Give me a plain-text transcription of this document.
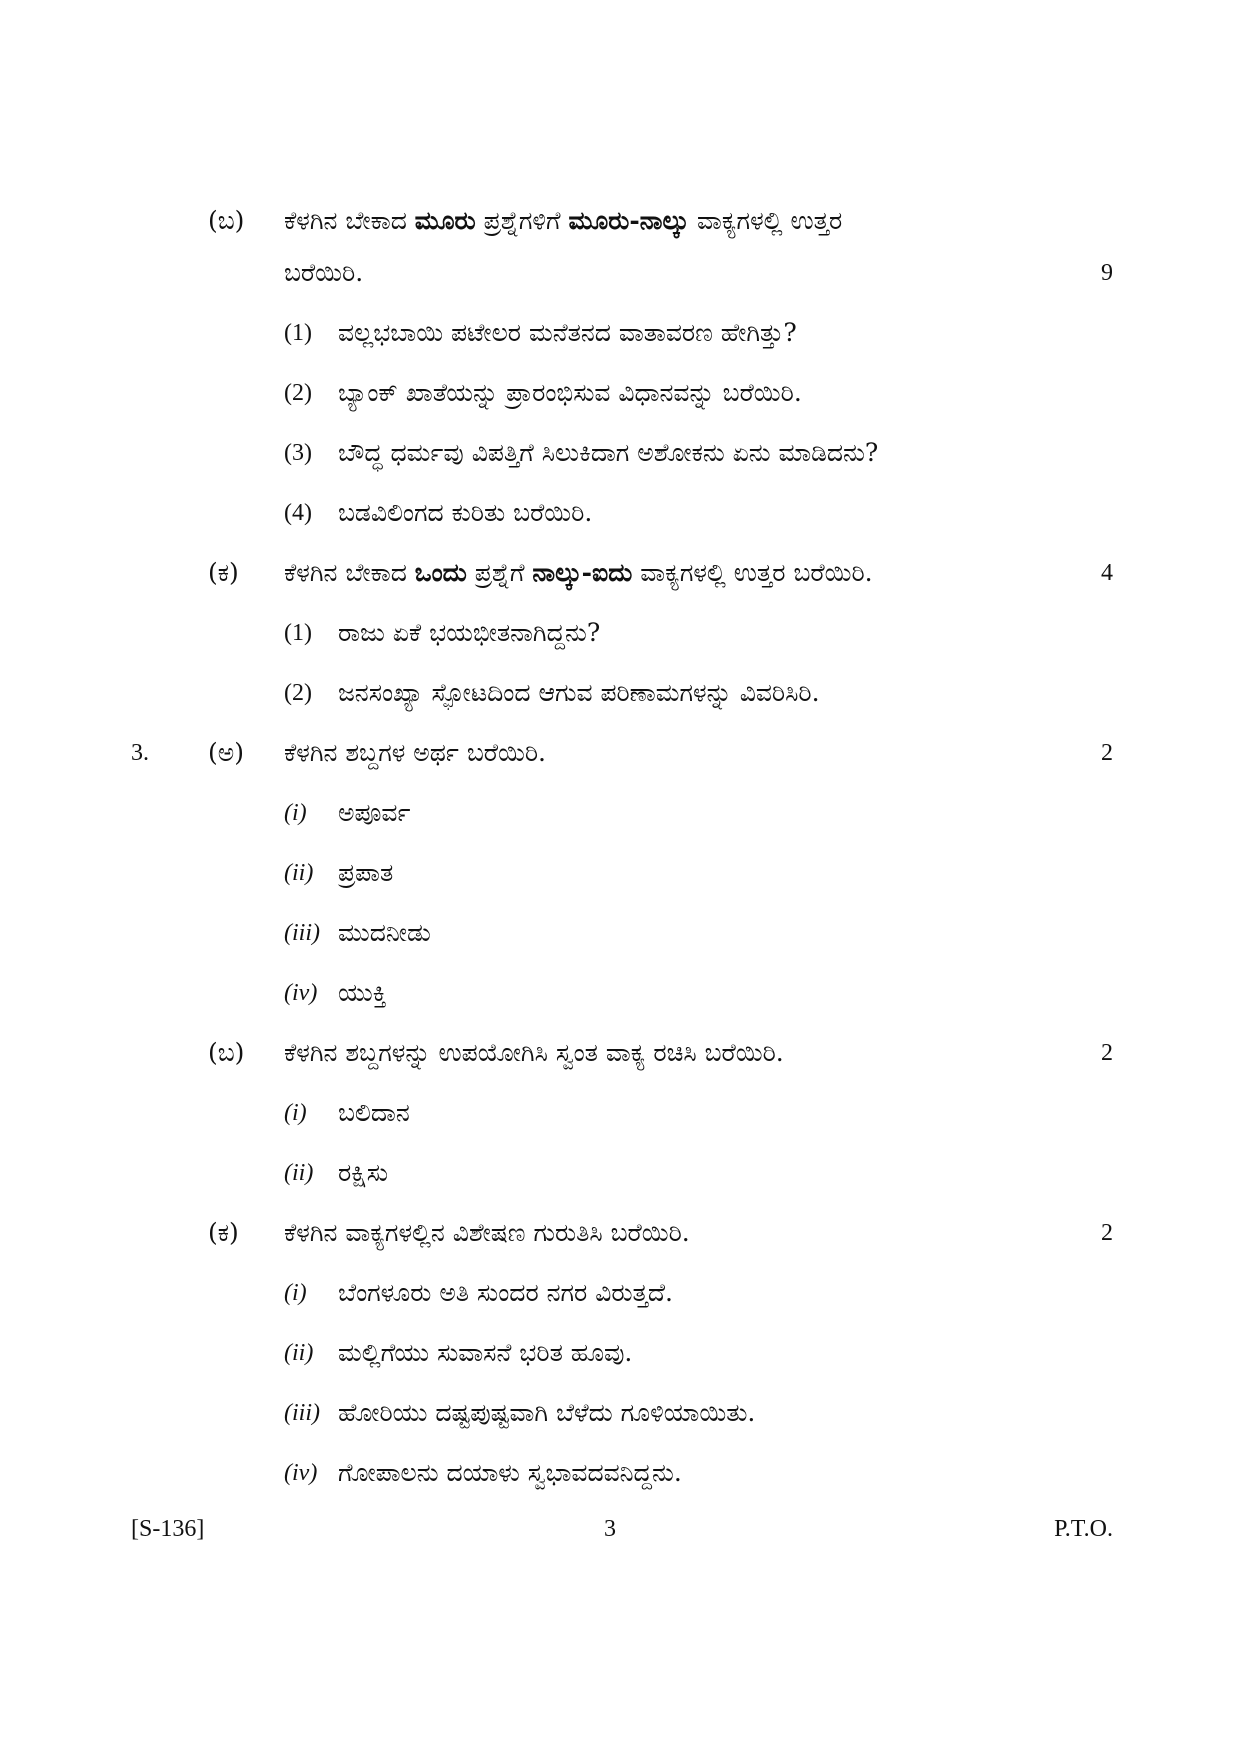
(ಬ) ಕೆಳಗಿನ ಬೇಕಾದ ಮೂರು ಪ್ರಶ್ನೆಗಳಿಗೆ ಮೂರು-ನಾಲ್ಕು ವಾಕ್ಯಗಳಲ್ಲಿ ಉತ್ತರ
ಬರೆಯಿರಿ.	9
(1) ವಲ್ಲಭಬಾಯಿ ಪಟೇಲರ ಮನೆತನದ ವಾತಾವರಣ ಹೇಗಿತ್ತು?
(2) ಬ್ಯಾಂಕ್ ಖಾತೆಯನ್ನು ಪ್ರಾರಂಭಿಸುವ ವಿಧಾನವನ್ನು ಬರೆಯಿರಿ.
(3) ಬೌದ್ಧ ಧರ್ಮವು ವಿಪತ್ತಿಗೆ ಸಿಲುಕಿದಾಗ ಅಶೋಕನು ಏನು ಮಾಡಿದನು?
(4) ಬಡವಿಲಿಂಗದ ಕುರಿತು ಬರೆಯಿರಿ.
(ಕ) ಕೆಳಗಿನ ಬೇಕಾದ ಒಂದು ಪ್ರಶ್ನೆಗೆ ನಾಲ್ಕು-ಐದು ವಾಕ್ಯಗಳಲ್ಲಿ ಉತ್ತರ ಬರೆಯಿರಿ.	4
(1) ರಾಜು ಏಕೆ ಭಯಭೀತನಾಗಿದ್ದನು?
(2) ಜನಸಂಖ್ಯಾ ಸ್ಫೋಟದಿಂದ ಆಗುವ ಪರಿಣಾಮಗಳನ್ನು ವಿವರಿಸಿರಿ.
3. (ಅ) ಕೆಳಗಿನ ಶಬ್ದಗಳ ಅರ್ಥ ಬರೆಯಿರಿ.	2
(i) ಅಪೂರ್ವ
(ii) ಪ್ರಪಾತ
(iii) ಮುದನೀಡು
(iv) ಯುಕ್ತಿ
(ಬ) ಕೆಳಗಿನ ಶಬ್ದಗಳನ್ನು ಉಪಯೋಗಿಸಿ ಸ್ವಂತ ವಾಕ್ಯ ರಚಿಸಿ ಬರೆಯಿರಿ.	2
(i) ಬಲಿದಾನ
(ii) ರಕ್ಷಿಸು
(ಕ) ಕೆಳಗಿನ ವಾಕ್ಯಗಳಲ್ಲಿನ ವಿಶೇಷಣ ಗುರುತಿಸಿ ಬರೆಯಿರಿ.	2
(i) ಬೆಂಗಳೂರು ಅತಿ ಸುಂದರ ನಗರ ವಿರುತ್ತದೆ.
(ii) ಮಲ್ಲಿಗೆಯು ಸುವಾಸನೆ ಭರಿತ ಹೂವು.
(iii) ಹೋರಿಯು ದಷ್ಟಪುಷ್ಟವಾಗಿ ಬೆಳೆದು ಗೂಳಿಯಾಯಿತು.
(iv) ಗೋಪಾಲನು ದಯಾಳು ಸ್ವಭಾವದವನಿದ್ದನು.
[S-136]	3	P.T.O.
